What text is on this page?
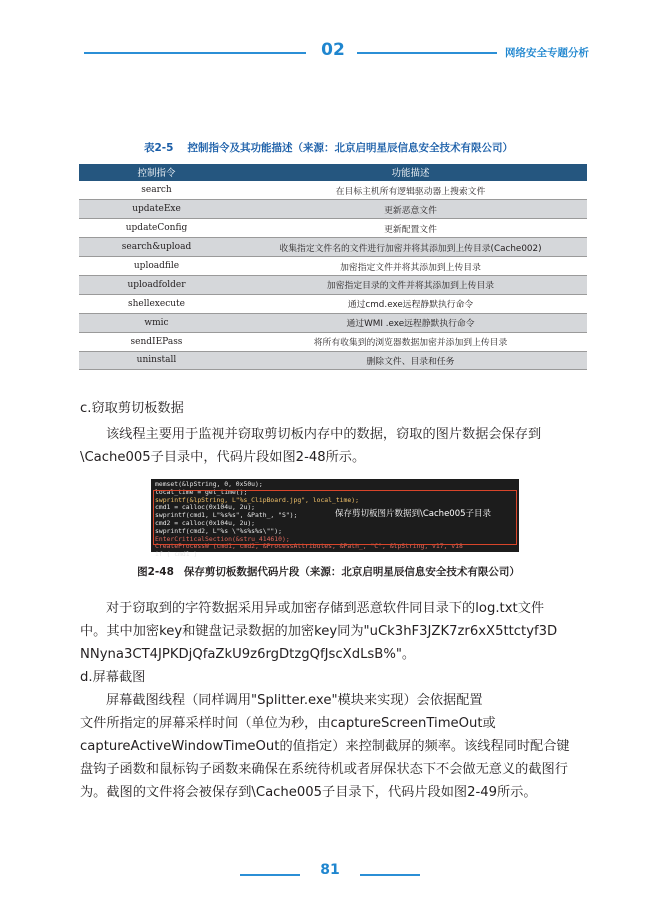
02	网络安全专题分析
表2-5 控制指令及其功能描述（来源：北京启明星辰信息安全技术有限公司）
控制指令	功能描述
search	在目标主机所有逻辑驱动器上搜索文件
updateExe	更新恶意文件
updateConfig	更新配置文件
search&upload	收集指定文件名的文件进行加密并将其添加到上传目录(Cache002)
uploadfile	加密指定文件并将其添加到上传目录
uploadfolder	加密指定目录的文件并将其添加到上传目录
shellexecute	通过cmd.exe远程静默执行命令
wmic	通过WMI .exe远程静默执行命令
sendIEPass	将所有收集到的浏览器数据加密并添加到上传目录
uninstall	删除文件、目录和任务
c.窃取剪切板数据
该线程主要用于监视并窃取剪切板内存中的数据，窃取的图片数据会保存到
\Cache005子目录中，代码片段如图2-48所示。
memset(&lpString, 0, 0x50u);
local_time = get_time();
swprintf(&lpString, L"%s_ClipBoard.jpg", local_time);
cmd1 = calloc(0x104u, 2u);
swprintf(cmd1, L"%s%s", &Path_, "S");
cmd2 = calloc(0x104u, 2u);
swprintf(cmd2, L"%s \"%s%s%s\"");
EnterCriticalSection(&stru_414610);
CreateProcessW (cmd1, cmd2, &ProcessAttributes, &Path_, "C", &lpString, v17, v18
if ( cmd1 )
保存剪切板图片数据到\Cache005子目录
图2-48 保存剪切板数据代码片段（来源：北京启明星辰信息安全技术有限公司）
对于窃取到的字符数据采用异或加密存储到恶意软件同目录下的log.txt文件
中。其中加密key和键盘记录数据的加密key同为"uCk3hF3JZK7zr6xX5ttctyf3D
NNyna3CT4JPKDjQfaZkU9z6rgDtzgQfJscXdLsB%"。
d.屏幕截图
屏幕截图线程（同样调用"Splitter.exe"模块来实现）会依据配置
文件所指定的屏幕采样时间（单位为秒，由captureScreenTimeOut或
captureActiveWindowTimeOut的值指定）来控制截屏的频率。该线程同时配合键
盘钩子函数和鼠标钩子函数来确保在系统待机或者屏保状态下不会做无意义的截图行
为。截图的文件将会被保存到\Cache005子目录下，代码片段如图2-49所示。
81
